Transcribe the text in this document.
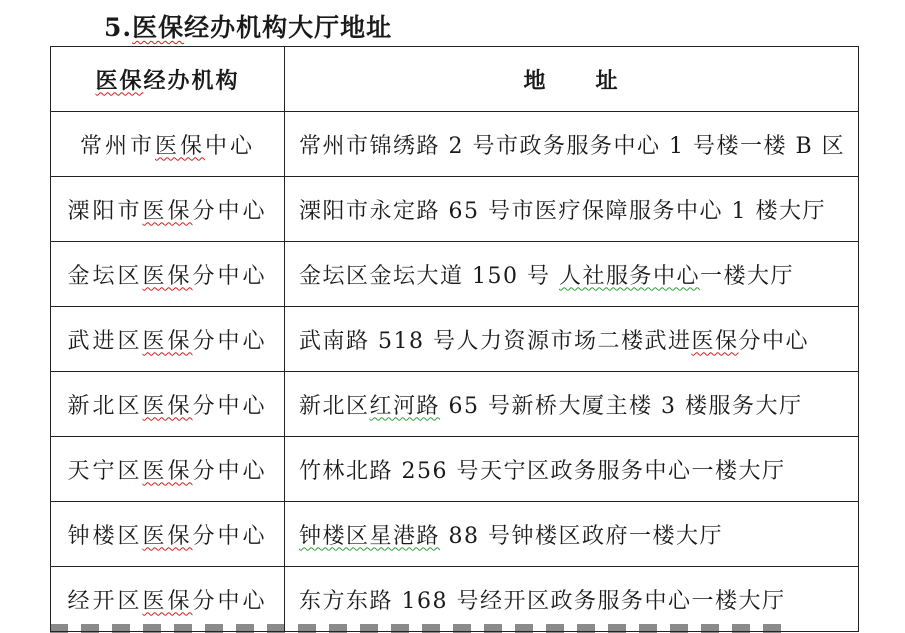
5.医保经办机构大厅地址
医保经办机构	地　　址
常州市医保中心	常州市锦绣路 2 号市政务服务中心 1 号楼一楼 B 区
溧阳市医保分中心	溧阳市永定路 65 号市医疗保障服务中心 1 楼大厅
金坛区医保分中心	金坛区金坛大道 150 号 人社服务中心一楼大厅
武进区医保分中心	武南路 518 号人力资源市场二楼武进医保分中心
新北区医保分中心	新北区红河路 65 号新桥大厦主楼 3 楼服务大厅
天宁区医保分中心	竹林北路 256 号天宁区政务服务中心一楼大厅
钟楼区医保分中心	钟楼区星港路 88 号钟楼区政府一楼大厅
经开区医保分中心	东方东路 168 号经开区政务服务中心一楼大厅
